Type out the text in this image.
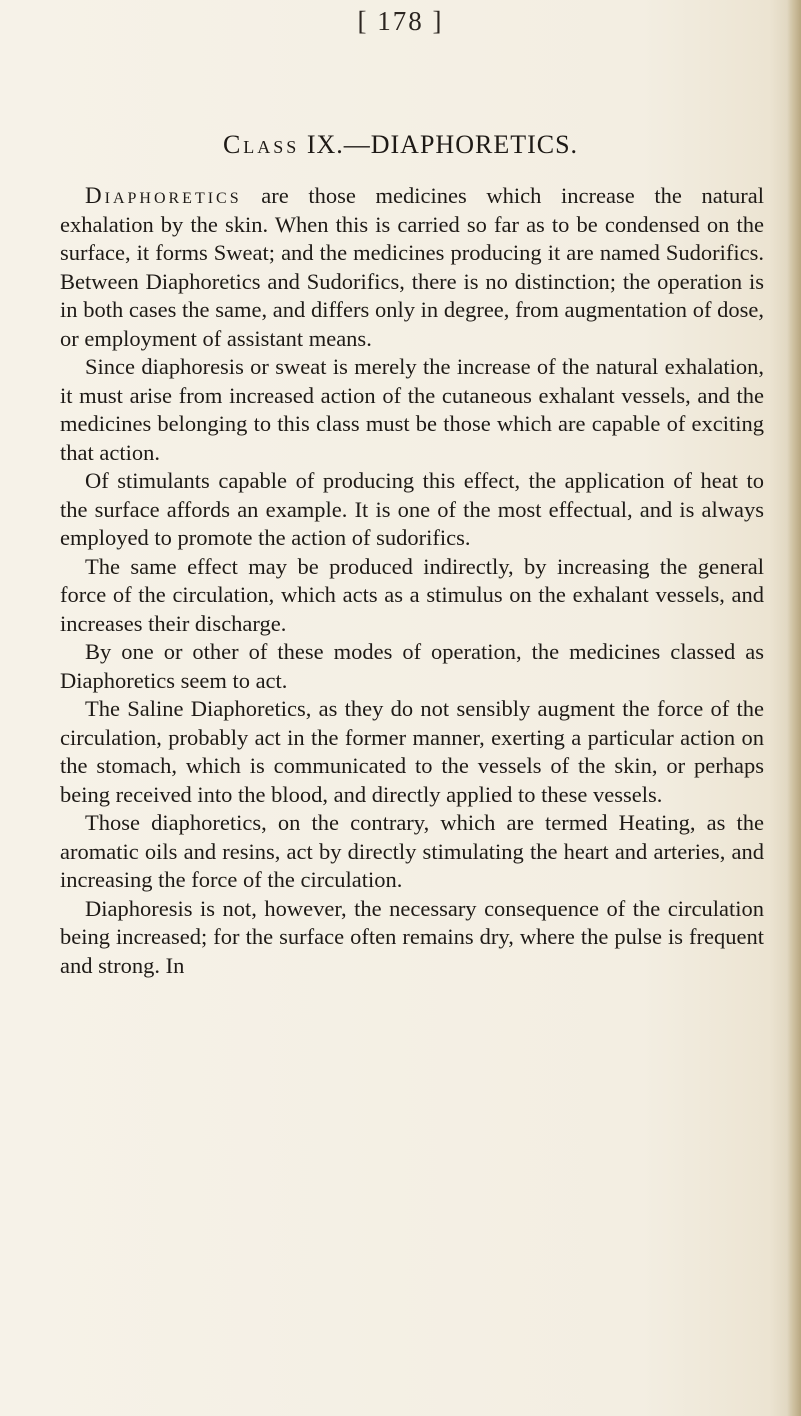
[ 178 ]
Class IX.—DIAPHORETICS.

Diaphoretics are those medicines which increase the natural exhalation by the skin. When this is carried so far as to be condensed on the surface, it forms Sweat; and the medicines producing it are named Sudorifics. Between Diaphoretics and Sudorifics, there is no distinction; the operation is in both cases the same, and differs only in degree, from augmentation of dose, or employment of assistant means.

Since diaphoresis or sweat is merely the increase of the natural exhalation, it must arise from increased action of the cutaneous exhalant vessels, and the medicines belonging to this class must be those which are capable of exciting that action.

Of stimulants capable of producing this effect, the application of heat to the surface affords an example. It is one of the most effectual, and is always employed to promote the action of sudorifics.

The same effect may be produced indirectly, by increasing the general force of the circulation, which acts as a stimulus on the exhalant vessels, and increases their discharge.

By one or other of these modes of operation, the medicines classed as Diaphoretics seem to act.

The Saline Diaphoretics, as they do not sensibly augment the force of the circulation, probably act in the former manner, exerting a particular action on the stomach, which is communicated to the vessels of the skin, or perhaps being received into the blood, and directly applied to these vessels.

Those diaphoretics, on the contrary, which are termed Heating, as the aromatic oils and resins, act by directly stimulating the heart and arteries, and increasing the force of the circulation.

Diaphoresis is not, however, the necessary consequence of the circulation being increased; for the surface often remains dry, where the pulse is frequent and strong. In
